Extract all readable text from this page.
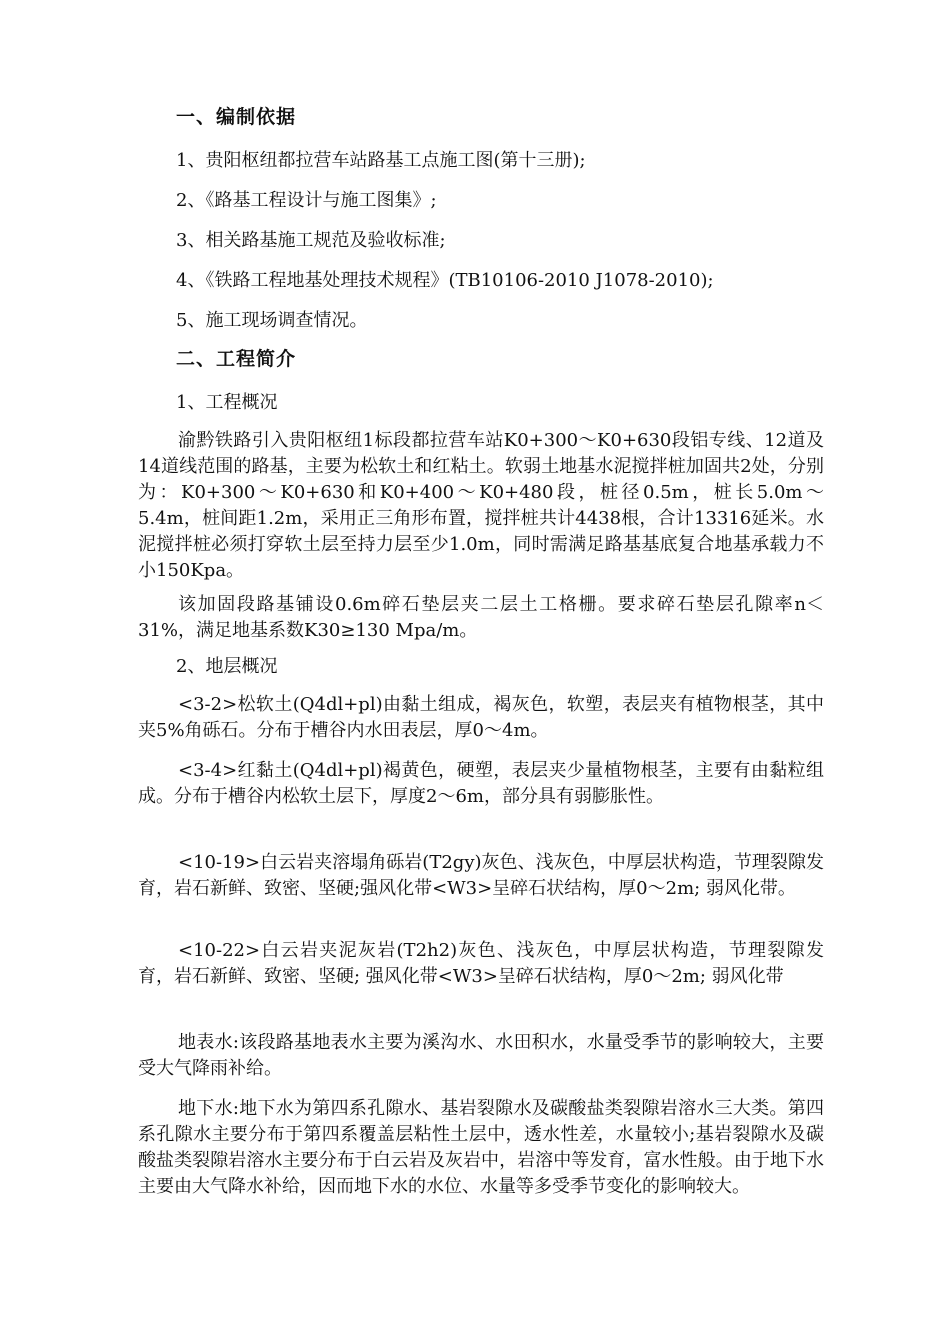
一、编制依据
1、贵阳枢纽都拉营车站路基工点施工图(第十三册);
2、《路基工程设计与施工图集》;
3、相关路基施工规范及验收标准;
4、《铁路工程地基处理技术规程》(TB10106-2010 J1078-2010);
5、施工现场调查情况。
二、工程简介
1、工程概况

渝黔铁路引入贵阳枢纽1标段都拉营车站K0+300～K0+630段铝专线、12道及14道线范围的路基，主要为松软土和红粘土。软弱土地基水泥搅拌桩加固共2处，分别为：K0+300～K0+630和K0+400～K0+480段，桩径0.5m，桩长5.0m～5.4m，桩间距1.2m，采用正三角形布置，搅拌桩共计4438根，合计13316延米。水泥搅拌桩必须打穿软土层至持力层至少1.0m，同时需满足路基基底复合地基承载力不小150Kpa。

该加固段路基铺设0.6m碎石垫层夹二层土工格栅。要求碎石垫层孔隙率n＜31%，满足地基系数K30≥130 Mpa/m。

2、地层概况

<3-2>松软土(Q4dl+pl)由黏土组成，褐灰色，软塑，表层夹有植物根茎，其中夹5%角砾石。分布于槽谷内水田表层，厚0～4m。

<3-4>红黏土(Q4dl+pl)褐黄色，硬塑，表层夹少量植物根茎，主要有由黏粒组成。分布于槽谷内松软土层下，厚度2～6m，部分具有弱膨胀性。

<10-19>白云岩夹溶塌角砾岩(T2gy)灰色、浅灰色，中厚层状构造，节理裂隙发育，岩石新鲜、致密、坚硬;强风化带<W3>呈碎石状结构，厚0～2m; 弱风化带。

<10-22>白云岩夹泥灰岩(T2h2)灰色、浅灰色，中厚层状构造，节理裂隙发育，岩石新鲜、致密、坚硬; 强风化带<W3>呈碎石状结构，厚0～2m; 弱风化带

地表水:该段路基地表水主要为溪沟水、水田积水，水量受季节的影响较大，主要受大气降雨补给。

地下水:地下水为第四系孔隙水、基岩裂隙水及碳酸盐类裂隙岩溶水三大类。第四系孔隙水主要分布于第四系覆盖层粘性土层中，透水性差，水量较小;基岩裂隙水及碳酸盐类裂隙岩溶水主要分布于白云岩及灰岩中，岩溶中等发育，富水性般。由于地下水主要由大气降水补给，因而地下水的水位、水量等多受季节变化的影响较大。
